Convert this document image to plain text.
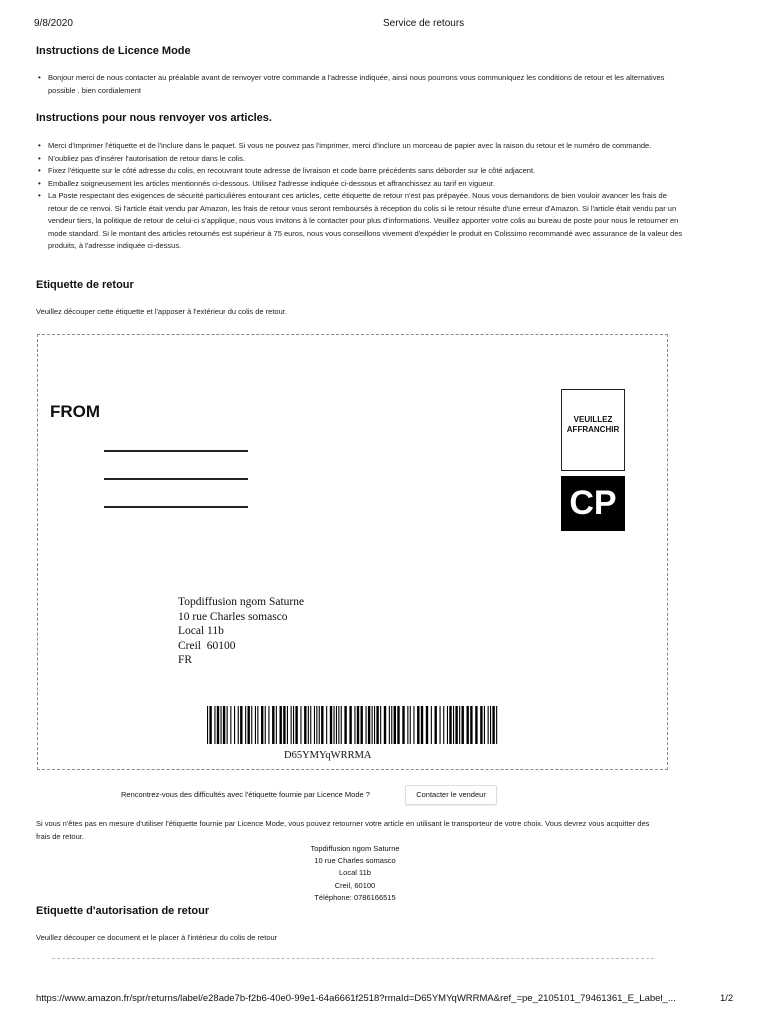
9/8/2020	Service de retours
Instructions de Licence Mode
• Bonjour merci de nous contacter au préalable avant de renvoyer votre commande a l'adresse indiquée, ainsi nous pourrons vous communiquez les conditions de retour et les alternatives possible . bien cordialement
Instructions pour nous renvoyer vos articles.
• Merci d'imprimer l'étiquette et de l'inclure dans le paquet. Si vous ne pouvez pas l'imprimer, merci d'inclure un morceau de papier avec la raison du retour et le numéro de commande.
• N'oubliez pas d'insérer l'autorisation de retour dans le colis.
• Fixez l'étiquette sur le côté adresse du colis, en recouvrant toute adresse de livraison et code barre précédents sans déborder sur le côté adjacent.
• Emballez soigneusement les articles mentionnés ci-dessous. Utilisez l'adresse indiquée ci-dessous et affranchissez au tarif en vigueur.
• La Poste respectant des exigences de sécurité particulières entourant ces articles, cette étiquette de retour n'est pas prépayée. Nous vous demandons de bien vouloir avancer les frais de retour de ce renvoi. Si l'article était vendu par Amazon, les frais de retour vous seront remboursés à réception du colis si le retour résulte d'une erreur d'Amazon. Si l'article était vendu par un vendeur tiers, la politique de retour de celui-ci s'applique, nous vous invitons à le contacter pour plus d'informations. Veuillez apporter votre colis au bureau de poste pour nous le retourner en mode standard. Si le montant des articles retournés est supérieur à 75 euros, nous vous conseillons vivement d'expédier le produit en Colissimo recommandé avec assurance de la valeur des produits, à l'adresse indiquée ci-dessus.
Etiquette de retour
Veuillez découper cette étiquette et l'apposer à l'extérieur du colis de retour.
FROM	VEUILLEZ
AFFRANCHIR
CP
Topdiffusion ngom Saturne
10 rue Charles somasco
Local 11b
Creil  60100
FR
D65YMYqWRRMA
Rencontrez-vous des difficultés avec l'étiquette fournie par Licence Mode ?	Contacter le vendeur
Si vous n'êtes pas en mesure d'utiliser l'étiquette fournie par Licence Mode, vous pouvez retourner votre article en utilisant le transporteur de votre choix. Vous devrez vous acquitter des frais de retour.
Topdiffusion ngom Saturne
10 rue Charles somasco
Local 11b
Creil, 60100
Téléphone: 0786166515
Etiquette d'autorisation de retour
Veuillez découper ce document et le placer à l'intérieur du colis de retour
https://www.amazon.fr/spr/returns/label/e28ade7b-f2b6-40e0-99e1-64a6661f2518?rmaId=D65YMYqWRRMA&ref_=pe_2105101_79461361_E_Label_...	1/2
